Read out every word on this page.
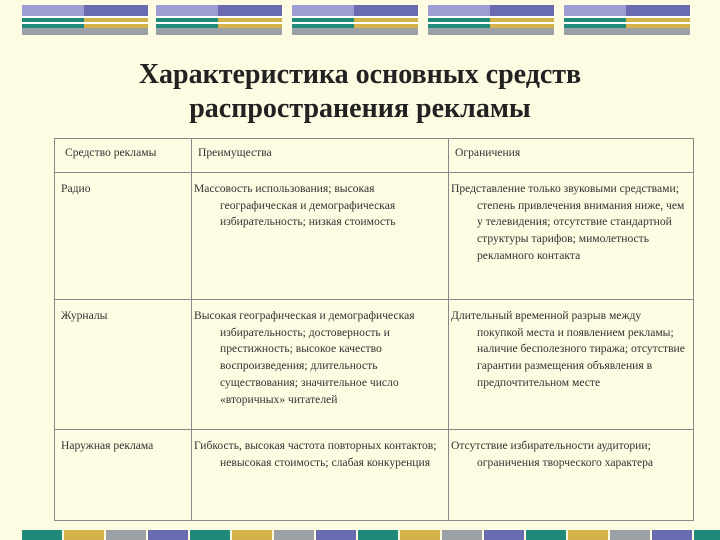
Характеристика основных средств
распространения рекламы
Средство рекламы	Преимущества	Ограничения
Радио	Массовость использования; высокая географическая и демографическая избирательность; низкая стоимость	Представление только звуковыми средствами; степень привлечения внимания ниже, чем у телевидения; отсутствие стандартной структуры тарифов; мимолетность рекламного контакта
Журналы	Высокая географическая и демографическая избирательность; достоверность и престижность; высокое качество воспроизведения; длительность существования; значительное число «вторичных» читателей	Длительный временной разрыв между покупкой места и появлением рекламы; наличие бесполезного тиража; отсутствие гарантии размещения объявления в предпочтительном месте
Наружная реклама	Гибкость, высокая частота повторных контактов; невысокая стоимость; слабая конкуренция	Отсутствие избирательности аудитории; ограничения творческого характера
